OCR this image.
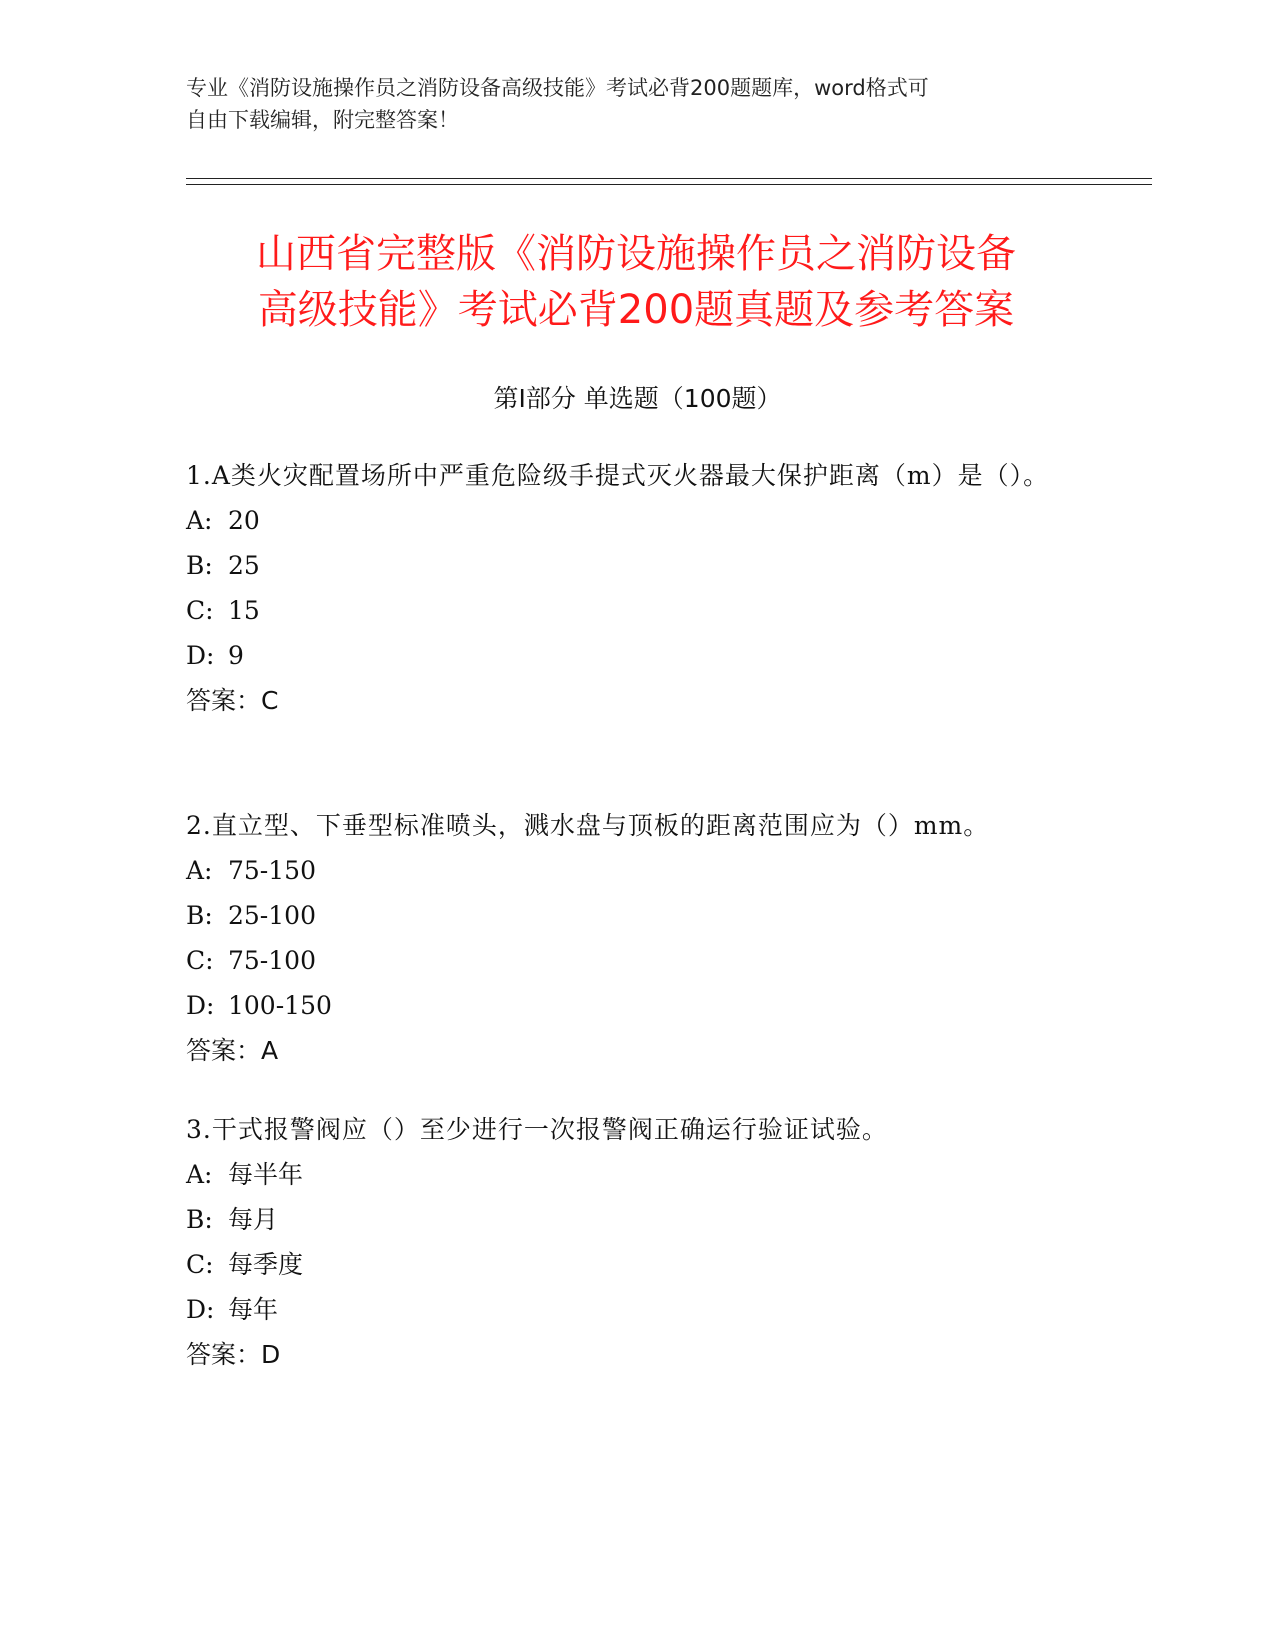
专业《消防设施操作员之消防设备高级技能》考试必背200题题库，word格式可
自由下载编辑，附完整答案！
山西省完整版《消防设施操作员之消防设备
高级技能》考试必背200题真题及参考答案
第Ⅰ部分 单选题（100题）
1.A类火灾配置场所中严重危险级手提式灭火器最大保护距离（m）是（）。
A: 20
B: 25
C: 15
D: 9
答案： C
2.直立型、下垂型标准喷头，溅水盘与顶板的距离范围应为（）mm。
A: 75-150
B: 25-100
C: 75-100
D: 100-150
答案： A
3.干式报警阀应（）至少进行一次报警阀正确运行验证试验。
A: 每半年
B: 每月
C: 每季度
D: 每年
答案： D
